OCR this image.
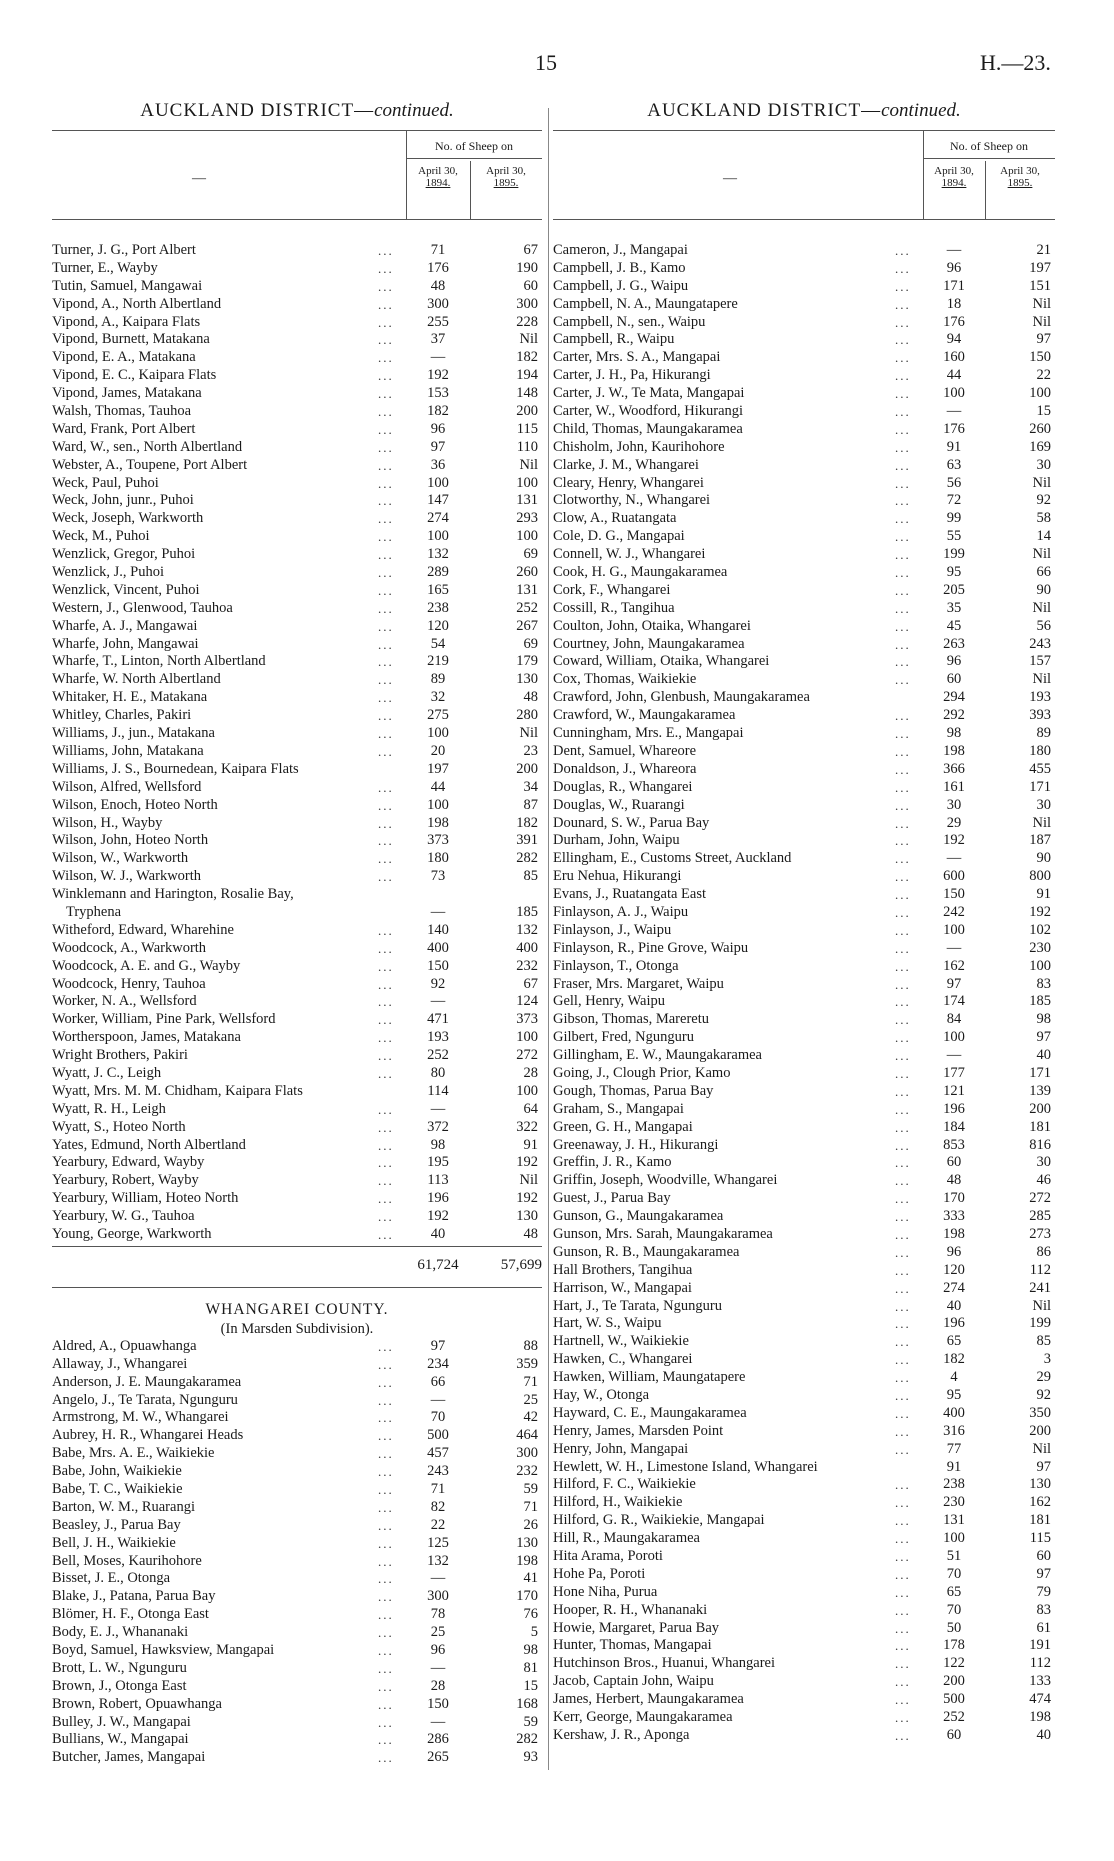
15	H.—23.
AUCKLAND DISTRICT—continued.
—
No. of Sheep on
April 30,
1894.
April 30,
1895.
Turner, J. G., Port Albert	...	71	67
Turner, E., Wayby	...	176	190
Tutin, Samuel, Mangawai	...	48	60
Vipond, A., North Albertland	...	300	300
Vipond, A., Kaipara Flats	...	255	228
Vipond, Burnett, Matakana	...	37	Nil
Vipond, E. A., Matakana	...	—	182
Vipond, E. C., Kaipara Flats	...	192	194
Vipond, James, Matakana	...	153	148
Walsh, Thomas, Tauhoa	...	182	200
Ward, Frank, Port Albert	...	96	115
Ward, W., sen., North Albertland	...	97	110
Webster, A., Toupene, Port Albert	...	36	Nil
Weck, Paul, Puhoi	...	100	100
Weck, John, junr., Puhoi	...	147	131
Weck, Joseph, Warkworth	...	274	293
Weck, M., Puhoi	...	100	100
Wenzlick, Gregor, Puhoi	...	132	69
Wenzlick, J., Puhoi	...	289	260
Wenzlick, Vincent, Puhoi	...	165	131
Western, J., Glenwood, Tauhoa	...	238	252
Wharfe, A. J., Mangawai	...	120	267
Wharfe, John, Mangawai	...	54	69
Wharfe, T., Linton, North Albertland	...	219	179
Wharfe, W. North Albertland	...	89	130
Whitaker, H. E., Matakana	...	32	48
Whitley, Charles, Pakiri	...	275	280
Williams, J., jun., Matakana	...	100	Nil
Williams, John, Matakana	...	20	23
Williams, J. S., Bournedean, Kaipara Flats	197	200
Wilson, Alfred, Wellsford	...	44	34
Wilson, Enoch, Hoteo North	...	100	87
Wilson, H., Wayby	...	198	182
Wilson, John, Hoteo North	...	373	391
Wilson, W., Warkworth	...	180	282
Wilson, W. J., Warkworth	...	73	85
Winklemann and Harington, Rosalie Bay,
Tryphena	—	185
Witheford, Edward, Wharehine	...	140	132
Woodcock, A., Warkworth	...	400	400
Woodcock, A. E. and G., Wayby	...	150	232
Woodcock, Henry, Tauhoa	...	92	67
Worker, N. A., Wellsford	...	—	124
Worker, William, Pine Park, Wellsford	...	471	373
Wortherspoon, James, Matakana	...	193	100
Wright Brothers, Pakiri	...	252	272
Wyatt, J. C., Leigh	...	80	28
Wyatt, Mrs. M. M. Chidham, Kaipara Flats	114	100
Wyatt, R. H., Leigh	...	—	64
Wyatt, S., Hoteo North	...	372	322
Yates, Edmund, North Albertland	...	98	91
Yearbury, Edward, Wayby	...	195	192
Yearbury, Robert, Wayby	...	113	Nil
Yearbury, William, Hoteo North	...	196	192
Yearbury, W. G., Tauhoa	...	192	130
Young, George, Warkworth	...	40	48
61,724	57,699
WHANGAREI COUNTY.
(In Marsden Subdivision).
Aldred, A., Opuawhanga	...	97	88
Allaway, J., Whangarei	...	234	359
Anderson, J. E. Maungakaramea	...	66	71
Angelo, J., Te Tarata, Ngunguru	...	—	25
Armstrong, M. W., Whangarei	...	70	42
Aubrey, H. R., Whangarei Heads	...	500	464
Babe, Mrs. A. E., Waikiekie	...	457	300
Babe, John, Waikiekie	...	243	232
Babe, T. C., Waikiekie	...	71	59
Barton, W. M., Ruarangi	...	82	71
Beasley, J., Parua Bay	...	22	26
Bell, J. H., Waikiekie	...	125	130
Bell, Moses, Kaurihohore	...	132	198
Bisset, J. E., Otonga	...	—	41
Blake, J., Patana, Parua Bay	...	300	170
Blömer, H. F., Otonga East	...	78	76
Body, E. J., Whananaki	...	25	5
Boyd, Samuel, Hawksview, Mangapai	...	96	98
Brott, L. W., Ngunguru	...	—	81
Brown, J., Otonga East	...	28	15
Brown, Robert, Opuawhanga	...	150	168
Bulley, J. W., Mangapai	...	—	59
Bullians, W., Mangapai	...	286	282
Butcher, James, Mangapai	...	265	93
AUCKLAND DISTRICT—continued.
—
No. of Sheep on
April 30,
1894.
April 30,
1895.
Cameron, J., Mangapai	...	—	21
Campbell, J. B., Kamo	...	96	197
Campbell, J. G., Waipu	...	171	151
Campbell, N. A., Maungatapere	...	18	Nil
Campbell, N., sen., Waipu	...	176	Nil
Campbell, R., Waipu	...	94	97
Carter, Mrs. S. A., Mangapai	...	160	150
Carter, J. H., Pa, Hikurangi	...	44	22
Carter, J. W., Te Mata, Mangapai	...	100	100
Carter, W., Woodford, Hikurangi	...	—	15
Child, Thomas, Maungakaramea	...	176	260
Chisholm, John, Kaurihohore	...	91	169
Clarke, J. M., Whangarei	...	63	30
Cleary, Henry, Whangarei	...	56	Nil
Clotworthy, N., Whangarei	...	72	92
Clow, A., Ruatangata	...	99	58
Cole, D. G., Mangapai	...	55	14
Connell, W. J., Whangarei	...	199	Nil
Cook, H. G., Maungakaramea	...	95	66
Cork, F., Whangarei	...	205	90
Cossill, R., Tangihua	...	35	Nil
Coulton, John, Otaika, Whangarei	...	45	56
Courtney, John, Maungakaramea	...	263	243
Coward, William, Otaika, Whangarei	...	96	157
Cox, Thomas, Waikiekie	...	60	Nil
Crawford, John, Glenbush, Maungakaramea	294	193
Crawford, W., Maungakaramea	...	292	393
Cunningham, Mrs. E., Mangapai	...	98	89
Dent, Samuel, Whareore	...	198	180
Donaldson, J., Whareora	...	366	455
Douglas, R., Whangarei	...	161	171
Douglas, W., Ruarangi	...	30	30
Dounard, S. W., Parua Bay	...	29	Nil
Durham, John, Waipu	...	192	187
Ellingham, E., Customs Street, Auckland	...	—	90
Eru Nehua, Hikurangi	...	600	800
Evans, J., Ruatangata East	...	150	91
Finlayson, A. J., Waipu	...	242	192
Finlayson, J., Waipu	...	100	102
Finlayson, R., Pine Grove, Waipu	...	—	230
Finlayson, T., Otonga	...	162	100
Fraser, Mrs. Margaret, Waipu	...	97	83
Gell, Henry, Waipu	...	174	185
Gibson, Thomas, Mareretu	...	84	98
Gilbert, Fred, Ngunguru	...	100	97
Gillingham, E. W., Maungakaramea	...	—	40
Going, J., Clough Prior, Kamo	...	177	171
Gough, Thomas, Parua Bay	...	121	139
Graham, S., Mangapai	...	196	200
Green, G. H., Mangapai	...	184	181
Greenaway, J. H., Hikurangi	...	853	816
Greffin, J. R., Kamo	...	60	30
Griffin, Joseph, Woodville, Whangarei	...	48	46
Guest, J., Parua Bay	...	170	272
Gunson, G., Maungakaramea	...	333	285
Gunson, Mrs. Sarah, Maungakaramea	...	198	273
Gunson, R. B., Maungakaramea	...	96	86
Hall Brothers, Tangihua	...	120	112
Harrison, W., Mangapai	...	274	241
Hart, J., Te Tarata, Ngunguru	...	40	Nil
Hart, W. S., Waipu	...	196	199
Hartnell, W., Waikiekie	...	65	85
Hawken, C., Whangarei	...	182	3
Hawken, William, Maungatapere	...	4	29
Hay, W., Otonga	...	95	92
Hayward, C. E., Maungakaramea	...	400	350
Henry, James, Marsden Point	...	316	200
Henry, John, Mangapai	...	77	Nil
Hewlett, W. H., Limestone Island, Whangarei	91	97
Hilford, F. C., Waikiekie	...	238	130
Hilford, H., Waikiekie	...	230	162
Hilford, G. R., Waikiekie, Mangapai	...	131	181
Hill, R., Maungakaramea	...	100	115
Hita Arama, Poroti	...	51	60
Hohe Pa, Poroti	...	70	97
Hone Niha, Purua	...	65	79
Hooper, R. H., Whananaki	...	70	83
Howie, Margaret, Parua Bay	...	50	61
Hunter, Thomas, Mangapai	...	178	191
Hutchinson Bros., Huanui, Whangarei	...	122	112
Jacob, Captain John, Waipu	...	200	133
James, Herbert, Maungakaramea	...	500	474
Kerr, George, Maungakaramea	...	252	198
Kershaw, J. R., Aponga	...	60	40
